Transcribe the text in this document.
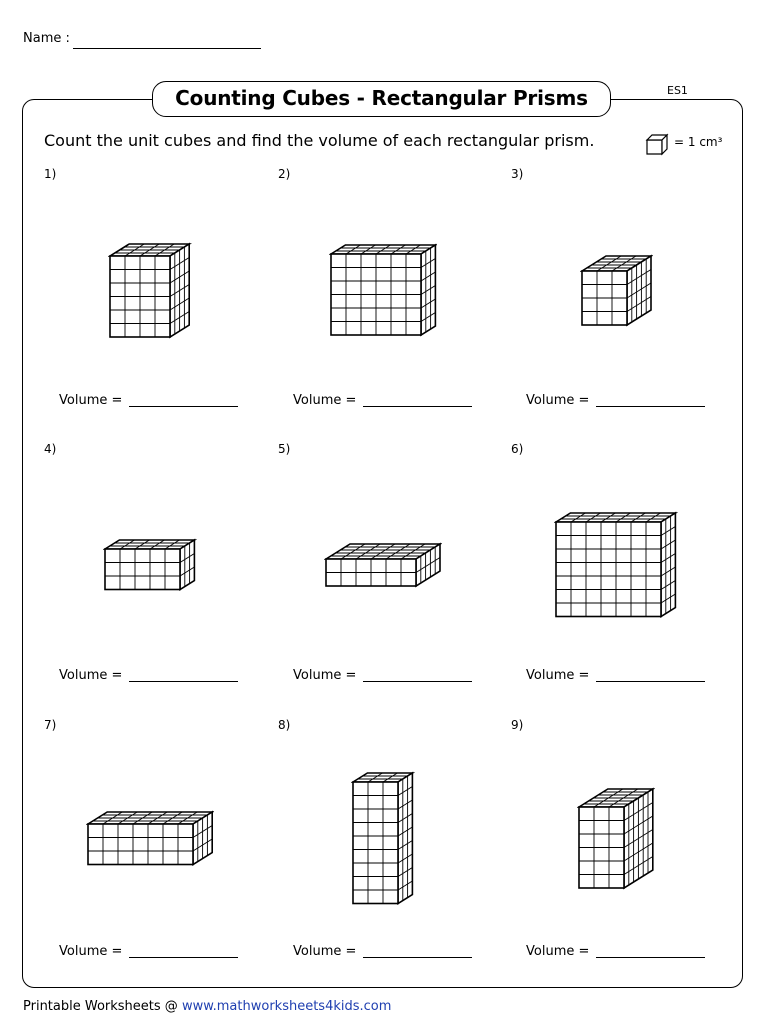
Name :
Counting Cubes - Rectangular Prisms	ES1
Count the unit cubes and find the volume of each rectangular prism.	= 1 cm³
1)
Volume =
2)
Volume =
3)
Volume =
4)
Volume =
5)
Volume =
6)
Volume =
7)
Volume =
8)
Volume =
9)
Volume =
Printable Worksheets @ www.mathworksheets4kids.com
